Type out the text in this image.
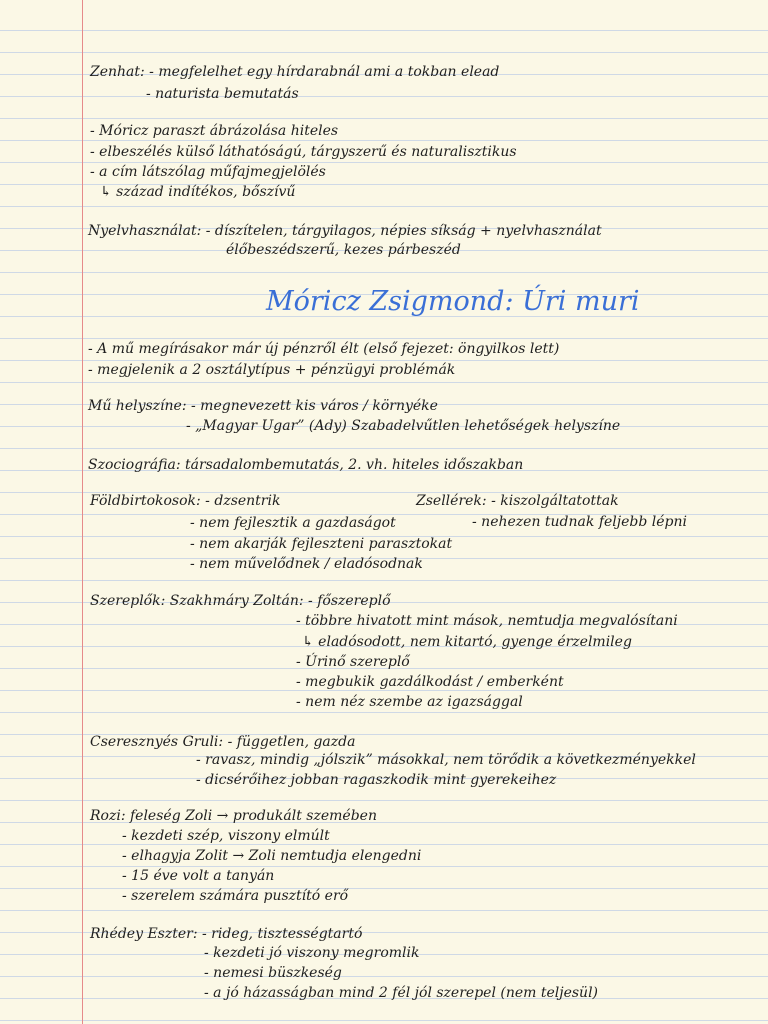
Zenhat: - megfelelhet egy hírdarabnál ami a tokban elead
- naturista bemutatás
- Móricz paraszt ábrázolása hiteles
- elbeszélés külső láthatóságú, tárgyszerű és naturalisztikus
- a cím látszólag műfajmegjelölés
↳ század indítékos, bőszívű
Nyelvhasználat: - díszítelen, tárgyilagos, népies síkság + nyelvhasználat
élőbeszédszerű, kezes párbeszéd
Móricz Zsigmond: Úri muri
- A mű megírásakor már új pénzről élt (első fejezet: öngyilkos lett)
- megjelenik a 2 osztálytípus + pénzügyi problémák
Mű helyszíne: - megnevezett kis város / környéke
- „Magyar Ugar” (Ady) Szabadelvűtlen lehetőségek helyszíne
Szociográfia: társadalombemutatás, 2. vh. hiteles időszakban
Földbirtokosok: - dzsentrik	Zsellérek: - kiszolgáltatottak
- nehezen tudnak feljebb lépni
- nem fejlesztik a gazdaságot
- nem akarják fejleszteni parasztokat
- nem művelődnek / eladósodnak
Szereplők: Szakhmáry Zoltán: - főszereplő
- többre hivatott mint mások, nemtudja megvalósítani
↳ eladósodott, nem kitartó, gyenge érzelmileg
- Úrinő szereplő
- megbukik gazdálkodást / emberként
- nem néz szembe az igazsággal
Cseresznyés Gruli: - független, gazda
- ravasz, mindig „jólszik” másokkal, nem törődik a következményekkel
- dicsérőihez jobban ragaszkodik mint gyerekeihez
Rozi: feleség Zoli → produkált szemében
- kezdeti szép, viszony elmúlt
- elhagyja Zolit → Zoli nemtudja elengedni
- 15 éve volt a tanyán
- szerelem számára pusztító erő
Rhédey Eszter: - rideg, tisztességtartó
- kezdeti jó viszony megromlik
- nemesi büszkeség
- a jó házasságban mind 2 fél jól szerepel (nem teljesül)
